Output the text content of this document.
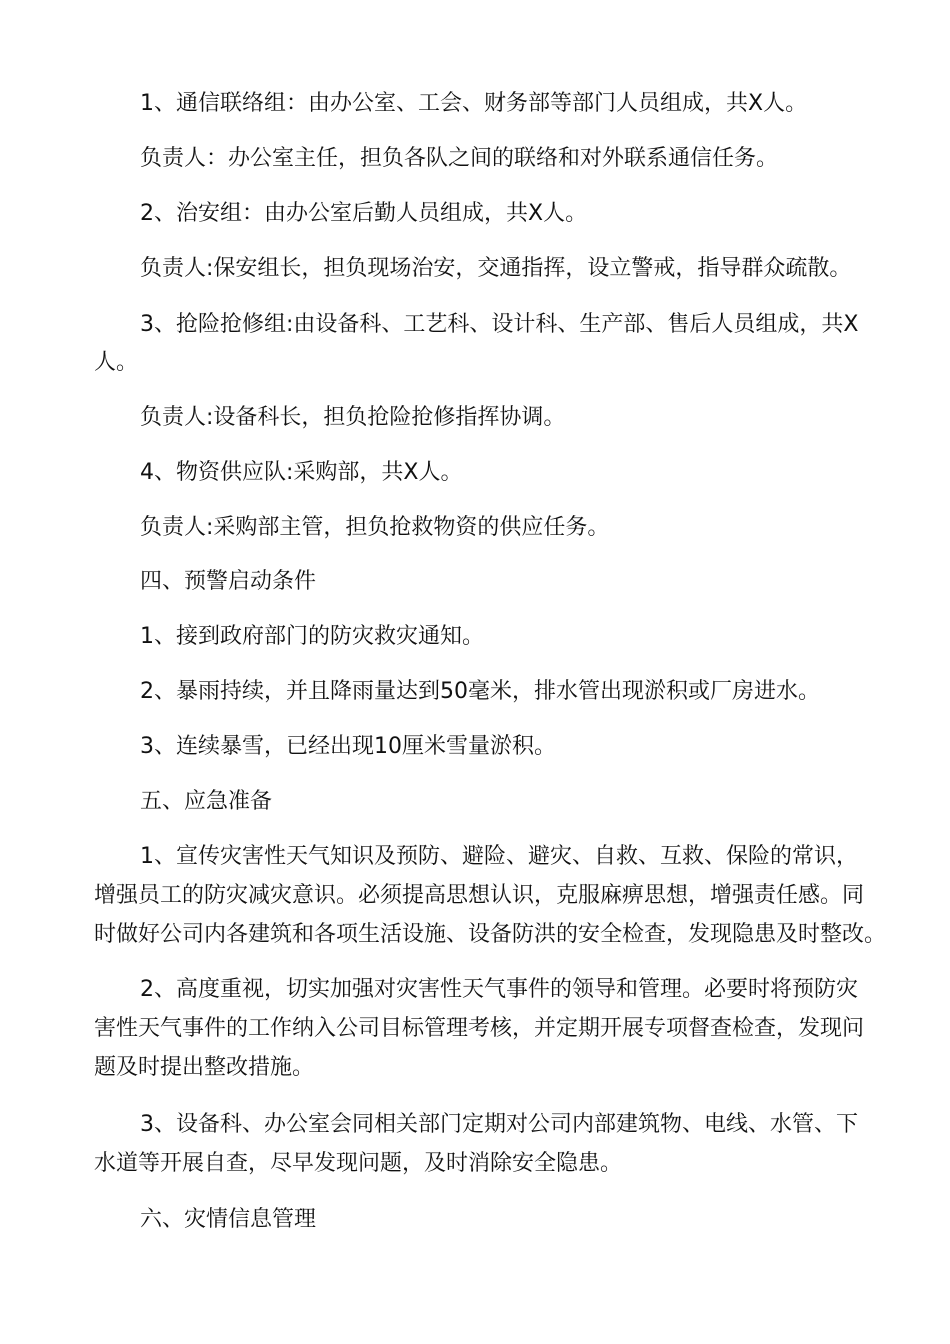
1、通信联络组：由办公室、工会、财务部等部门人员组成，共X人。
负责人：办公室主任，担负各队之间的联络和对外联系通信任务。
2、治安组：由办公室后勤人员组成，共X人。
负责人:保安组长，担负现场治安，交通指挥，设立警戒，指导群众疏散。
3、抢险抢修组:由设备科、工艺科、设计科、生产部、售后人员组成，共X
人。
负责人:设备科长，担负抢险抢修指挥协调。
4、物资供应队:采购部，共X人。
负责人:采购部主管，担负抢救物资的供应任务。
四、预警启动条件
1、接到政府部门的防灾救灾通知。
2、暴雨持续，并且降雨量达到50毫米，排水管出现淤积或厂房进水。
3、连续暴雪，已经出现10厘米雪量淤积。
五、应急准备
1、宣传灾害性天气知识及预防、避险、避灾、自救、互救、保险的常识，
增强员工的防灾减灾意识。必须提高思想认识，克服麻痹思想，增强责任感。同
时做好公司内各建筑和各项生活设施、设备防洪的安全检查，发现隐患及时整改。
2、高度重视，切实加强对灾害性天气事件的领导和管理。必要时将预防灾
害性天气事件的工作纳入公司目标管理考核，并定期开展专项督查检查，发现问
题及时提出整改措施。
3、设备科、办公室会同相关部门定期对公司内部建筑物、电线、水管、下
水道等开展自查，尽早发现问题，及时消除安全隐患。
六、灾情信息管理
